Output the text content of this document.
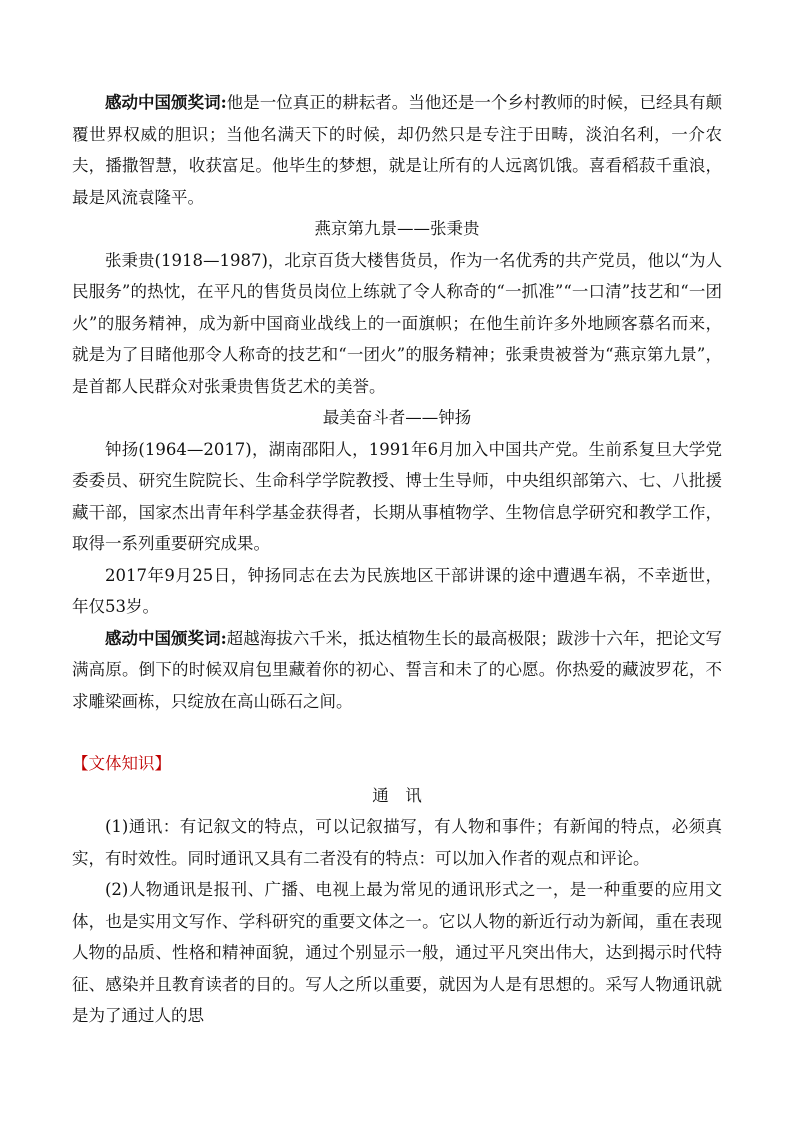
感动中国颁奖词:他是一位真正的耕耘者。当他还是一个乡村教师的时候，已经具有颠覆世界权威的胆识；当他名满天下的时候，却仍然只是专注于田畴，淡泊名利，一介农夫，播撒智慧，收获富足。他毕生的梦想，就是让所有的人远离饥饿。喜看稻菽千重浪，最是风流袁隆平。

燕京第九景——张秉贵

张秉贵(1918—1987)，北京百货大楼售货员，作为一名优秀的共产党员，他以“为人民服务”的热忱，在平凡的售货员岗位上练就了令人称奇的“一抓准”“一口清”技艺和“一团火”的服务精神，成为新中国商业战线上的一面旗帜；在他生前许多外地顾客慕名而来，就是为了目睹他那令人称奇的技艺和“一团火”的服务精神；张秉贵被誉为“燕京第九景”，是首都人民群众对张秉贵售货艺术的美誉。

最美奋斗者——钟扬

钟扬(1964—2017)，湖南邵阳人，1991年6月加入中国共产党。生前系复旦大学党委委员、研究生院院长、生命科学学院教授、博士生导师，中央组织部第六、七、八批援藏干部，国家杰出青年科学基金获得者，长期从事植物学、生物信息学研究和教学工作，取得一系列重要研究成果。

2017年9月25日，钟扬同志在去为民族地区干部讲课的途中遭遇车祸，不幸逝世，年仅53岁。

感动中国颁奖词:超越海拔六千米，抵达植物生长的最高极限；跋涉十六年，把论文写满高原。倒下的时候双肩包里藏着你的初心、誓言和未了的心愿。你热爱的藏波罗花，不求雕梁画栋，只绽放在高山砾石之间。

【文体知识】

通　讯

(1)通讯：有记叙文的特点，可以记叙描写，有人物和事件；有新闻的特点，必须真实，有时效性。同时通讯又具有二者没有的特点：可以加入作者的观点和评论。

(2)人物通讯是报刊、广播、电视上最为常见的通讯形式之一，是一种重要的应用文体，也是实用文写作、学科研究的重要文体之一。它以人物的新近行动为新闻，重在表现人物的品质、性格和精神面貌，通过个别显示一般，通过平凡突出伟大，达到揭示时代特征、感染并且教育读者的目的。写人之所以重要，就因为人是有思想的。采写人物通讯就是为了通过人的思
